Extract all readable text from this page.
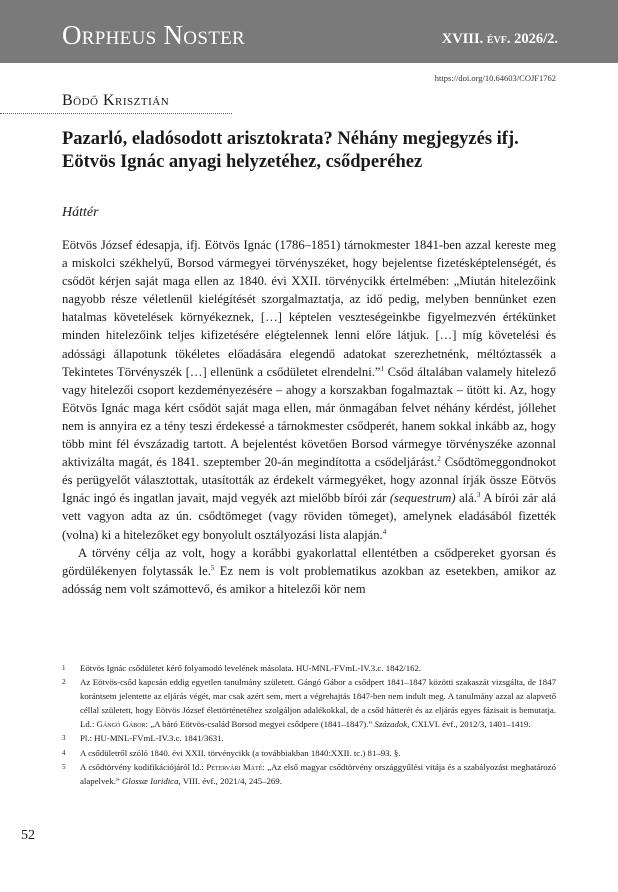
Orpheus Noster	XVIII. évf. 2026/2.
https://doi.org/10.64603/COJF1762
Bödő Krisztián
Pazarló, eladósodott arisztokrata? Néhány megjegyzés ifj. Eötvös Ignác anyagi helyzetéhez, csődperéhez
Háttér

Eötvös József édesapja, ifj. Eötvös Ignác (1786–1851) tárnokmester 1841-ben azzal kereste meg a miskolci székhelyű, Borsod vármegyei törvényszéket, hogy bejelentse fizetésképtelenségét, és csődöt kérjen saját maga ellen az 1840. évi XXII. törvénycikk értelmében: „Miután hitelezőink nagyobb része véletlenül kielégítését szorgalmaztatja, az idő pedig, melyben bennünket ezen hatalmas követelések környékeznek, […] képtelen veszteségeinkbe figyelmezvén értékünket minden hitelezőink teljes kifizetésére elégtelennek lenni előre látjuk. […] míg követelési és adóssági állapotunk tökéletes előadására elegendő adatokat szerezhetnénk, méltóztassék a Tekintetes Törvényszék […] ellenünk a csődületet elrendelni.”$^1$ Csőd általában valamely hitelező vagy hitelezői csoport kezdeményezésére – ahogy a korszakban fogalmaztak – ütött ki. Az, hogy Eötvös Ignác maga kért csődöt saját maga ellen, már önmagában felvet néhány kérdést, jóllehet nem is annyira ez a tény teszi érdekessé a tárnokmester csődperét, hanem sokkal inkább az, hogy több mint fél évszázadig tartott. A bejelentést követően Borsod vármegye törvényszéke azonnal aktivizálta magát, és 1841. szeptember 20-án megindította a csődeljárást.$^2$ Csődtömeggondnokot és perügyelőt választottak, utasították az érdekelt vármegyéket, hogy azonnal írják össze Eötvös Ignác ingó és ingatlan javait, majd vegyék azt mielőbb bírói zár (sequestrum) alá.$^3$ A bírói zár alá vett vagyon adta az ún. csődtömeget (vagy röviden tömeget), amelynek eladásából fizették (volna) ki a hitelezőket egy bonyolult osztályozási lista alapján.$^4$

A törvény célja az volt, hogy a korábbi gyakorlattal ellentétben a csődpereket gyorsan és gördülékenyen folytassák le.$^5$ Ez nem is volt problematikus azokban az esetekben, amikor az adósság nem volt számottevő, és amikor a hitelezői kör nem

1 Eötvös Ignác csődületet kérő folyamodó levelének másolata. HU-MNL-FVmL-IV.3.c. 1842/162.
2 Az Eötvös-csőd kapcsán eddig egyetlen tanulmány született. Gángó Gábor a csődpert 1841–1847 közötti szakaszát vizsgálta, de 1847 korántsem jelentette az eljárás végét, mar csak azért sem, mert a végrehajtás 1847-ben nem indult meg. A tanulmány azzal az alapvető céllal született, hogy Eötvös József élettörténetéhez szolgáljon adalékokkal, de a csőd hátterét és az eljárás egyes fázisait is bemutatja. Ld.: Gángó Gábor: „A báró Eötvös-család Borsod megyei csődpere (1841–1847).” Századok, CXLVI. évf., 2012/3, 1401–1419.
3 Pl.: HU-MNL-FVmL-IV.3.c. 1841/3631.
4 A csődületről szóló 1840. évi XXII. törvénycikk (a továbbiakban 1840:XXII. tc.) 81–93. §.
5 A csődtörvény kodifikációjáról ld.: Pétervári Máté: „Az első magyar csődtörvény országgyűlési vitája és a szabályozást meghatározó alapelvek.” Glossæ Iuridica, VIII. évf., 2021/4, 245–269.
52
